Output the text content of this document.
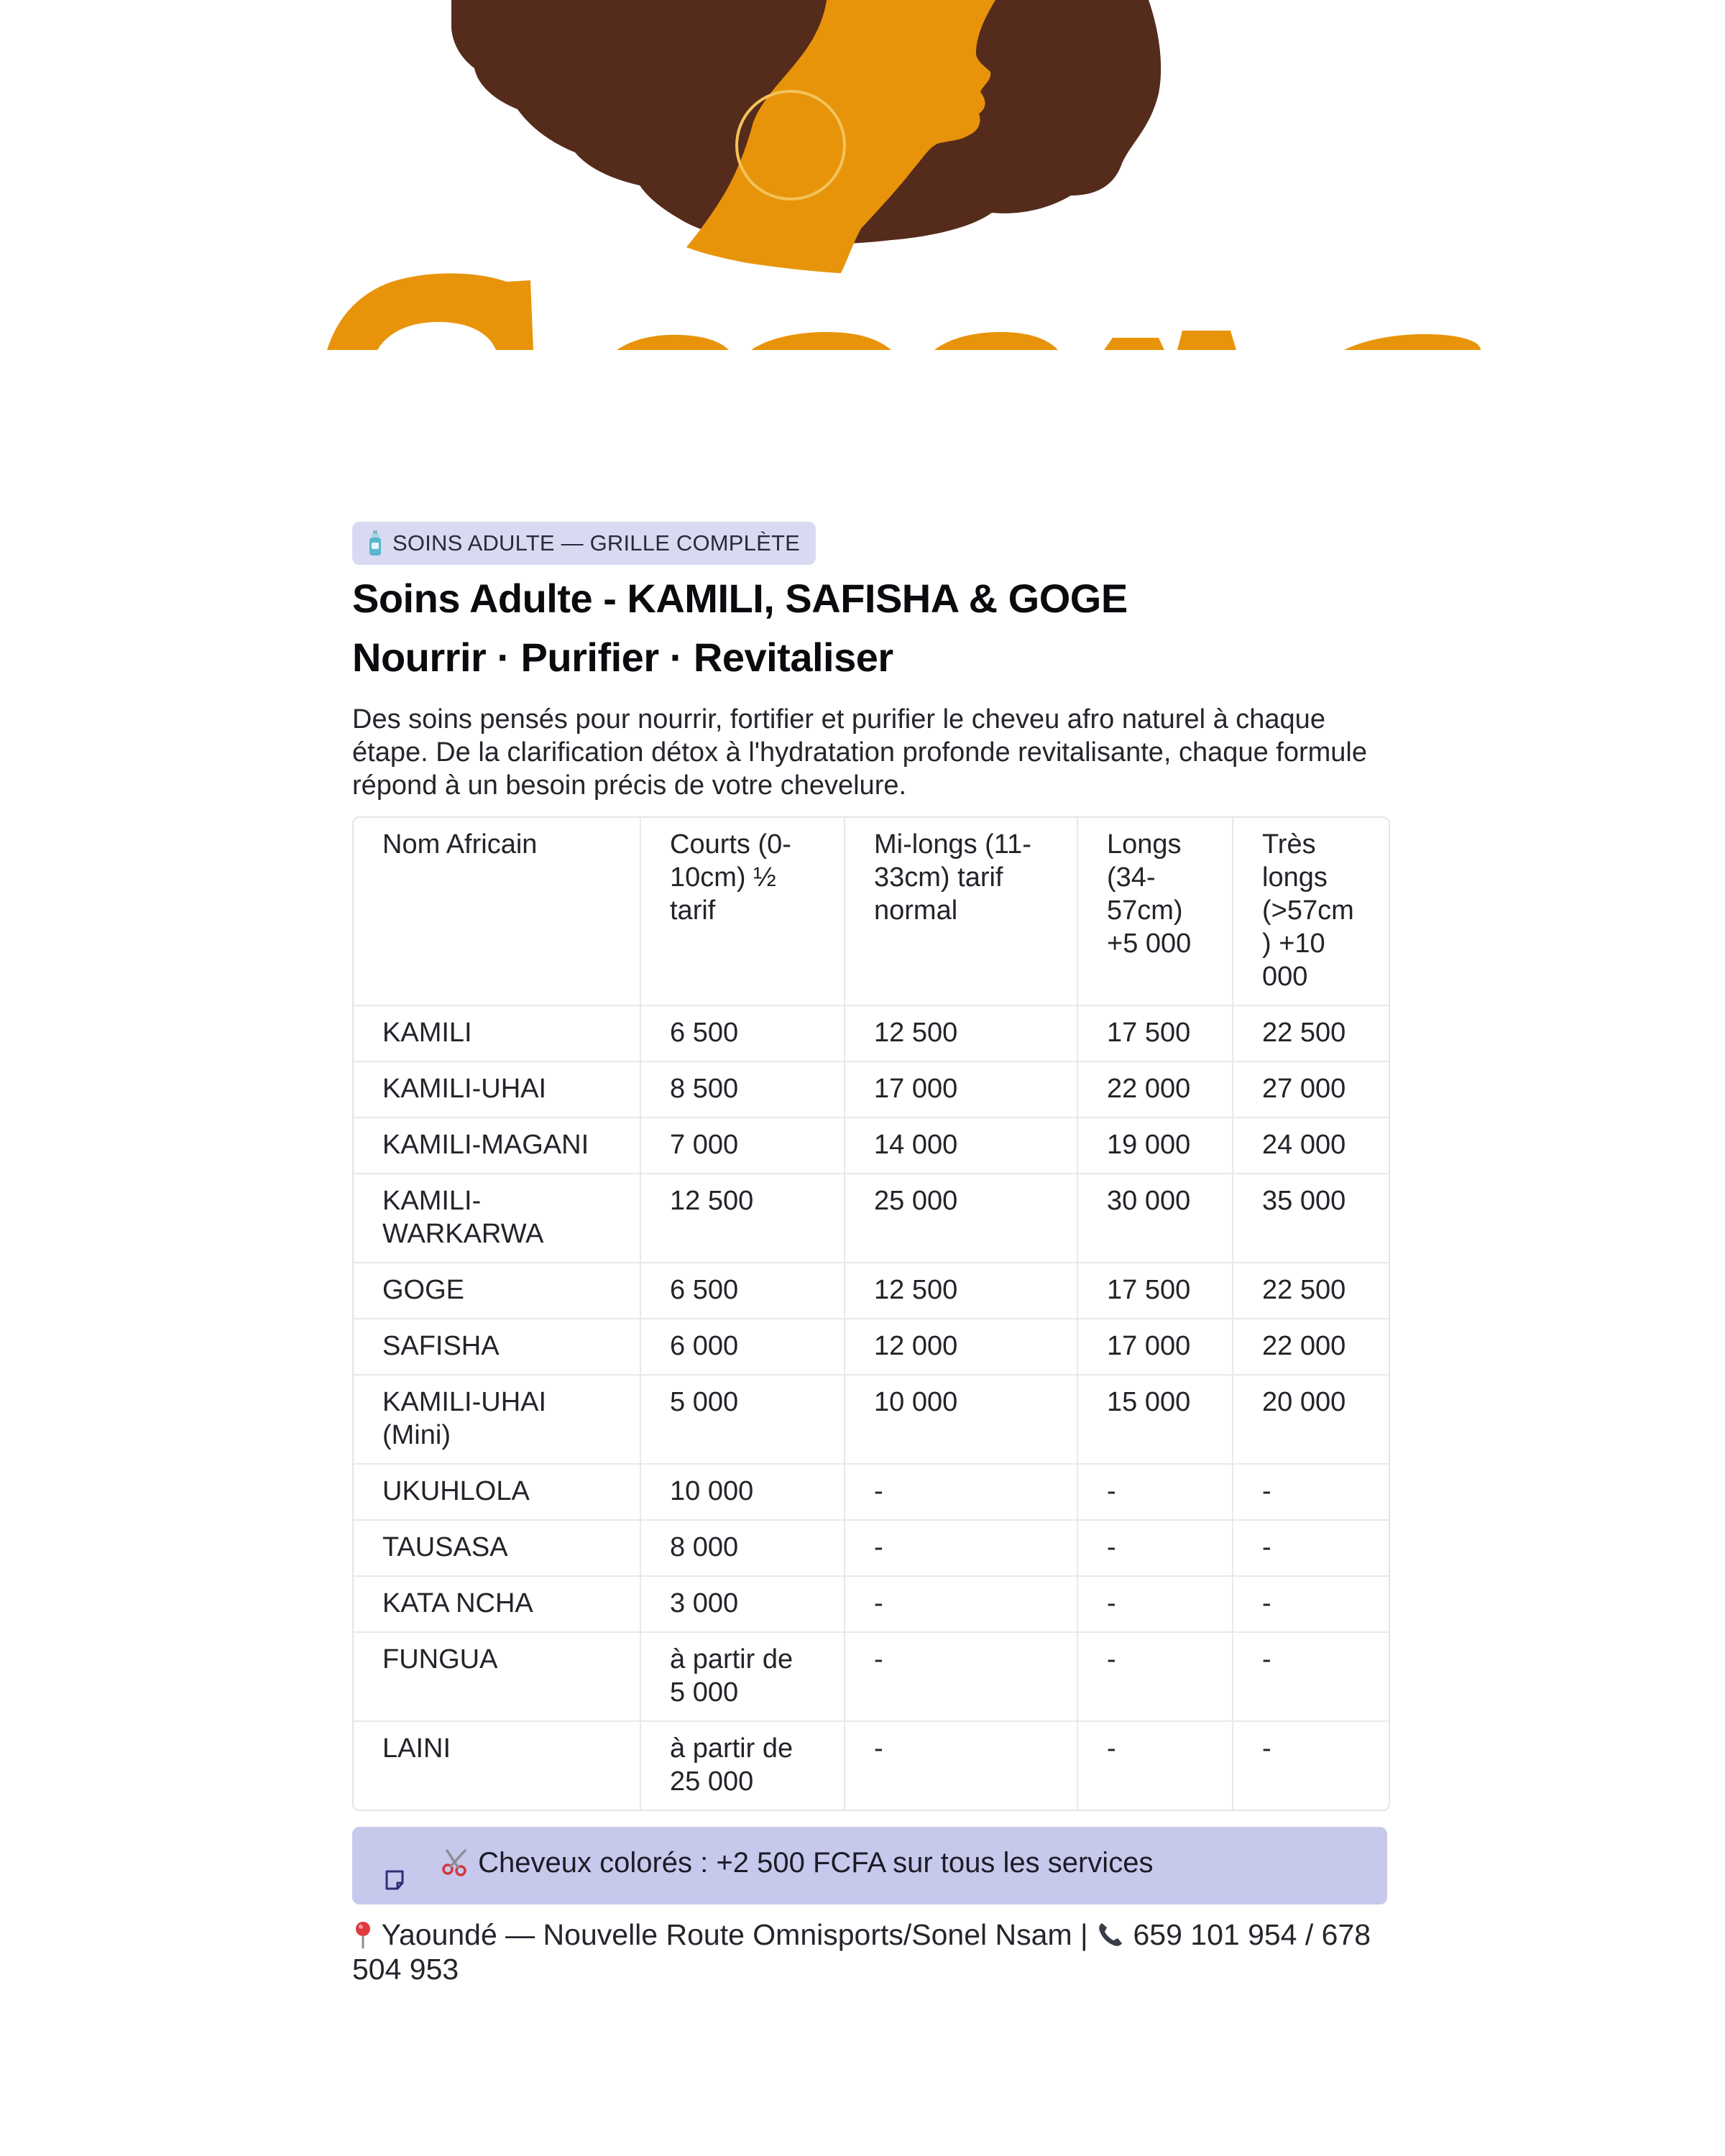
SOINS ADULTE — GRILLE COMPLÈTE
Soins Adulte - KAMILI, SAFISHA & GOGE
Nourrir · Purifier · Revitaliser

Des soins pensés pour nourrir, fortifier et purifier le cheveu afro naturel à chaque étape. De la clarification détox à l'hydratation profonde revitalisante, chaque formule répond à un besoin précis de votre chevelure.

Nom Africain	Courts (0-10cm) ½ tarif	Mi-longs (11-33cm) tarif normal	Longs (34-57cm) +5 000	Très longs (>57cm) +10 000
KAMILI	6 500	12 500	17 500	22 500
KAMILI-UHAI	8 500	17 000	22 000	27 000
KAMILI-MAGANI	7 000	14 000	19 000	24 000
KAMILI-WARKARWA	12 500	25 000	30 000	35 000
GOGE	6 500	12 500	17 500	22 500
SAFISHA	6 000	12 000	17 000	22 000
KAMILI-UHAI (Mini)	5 000	10 000	15 000	20 000
UKUHLOLA	10 000	-	-	-
TAUSASA	8 000	-	-	-
KATA NCHA	3 000	-	-	-
FUNGUA	à partir de 5 000	-	-	-
LAINI	à partir de 25 000	-	-	-
Cheveux colorés : +2 500 FCFA sur tous les services
Yaoundé — Nouvelle Route Omnisports/Sonel Nsam | 659 101 954 / 678 504 953
